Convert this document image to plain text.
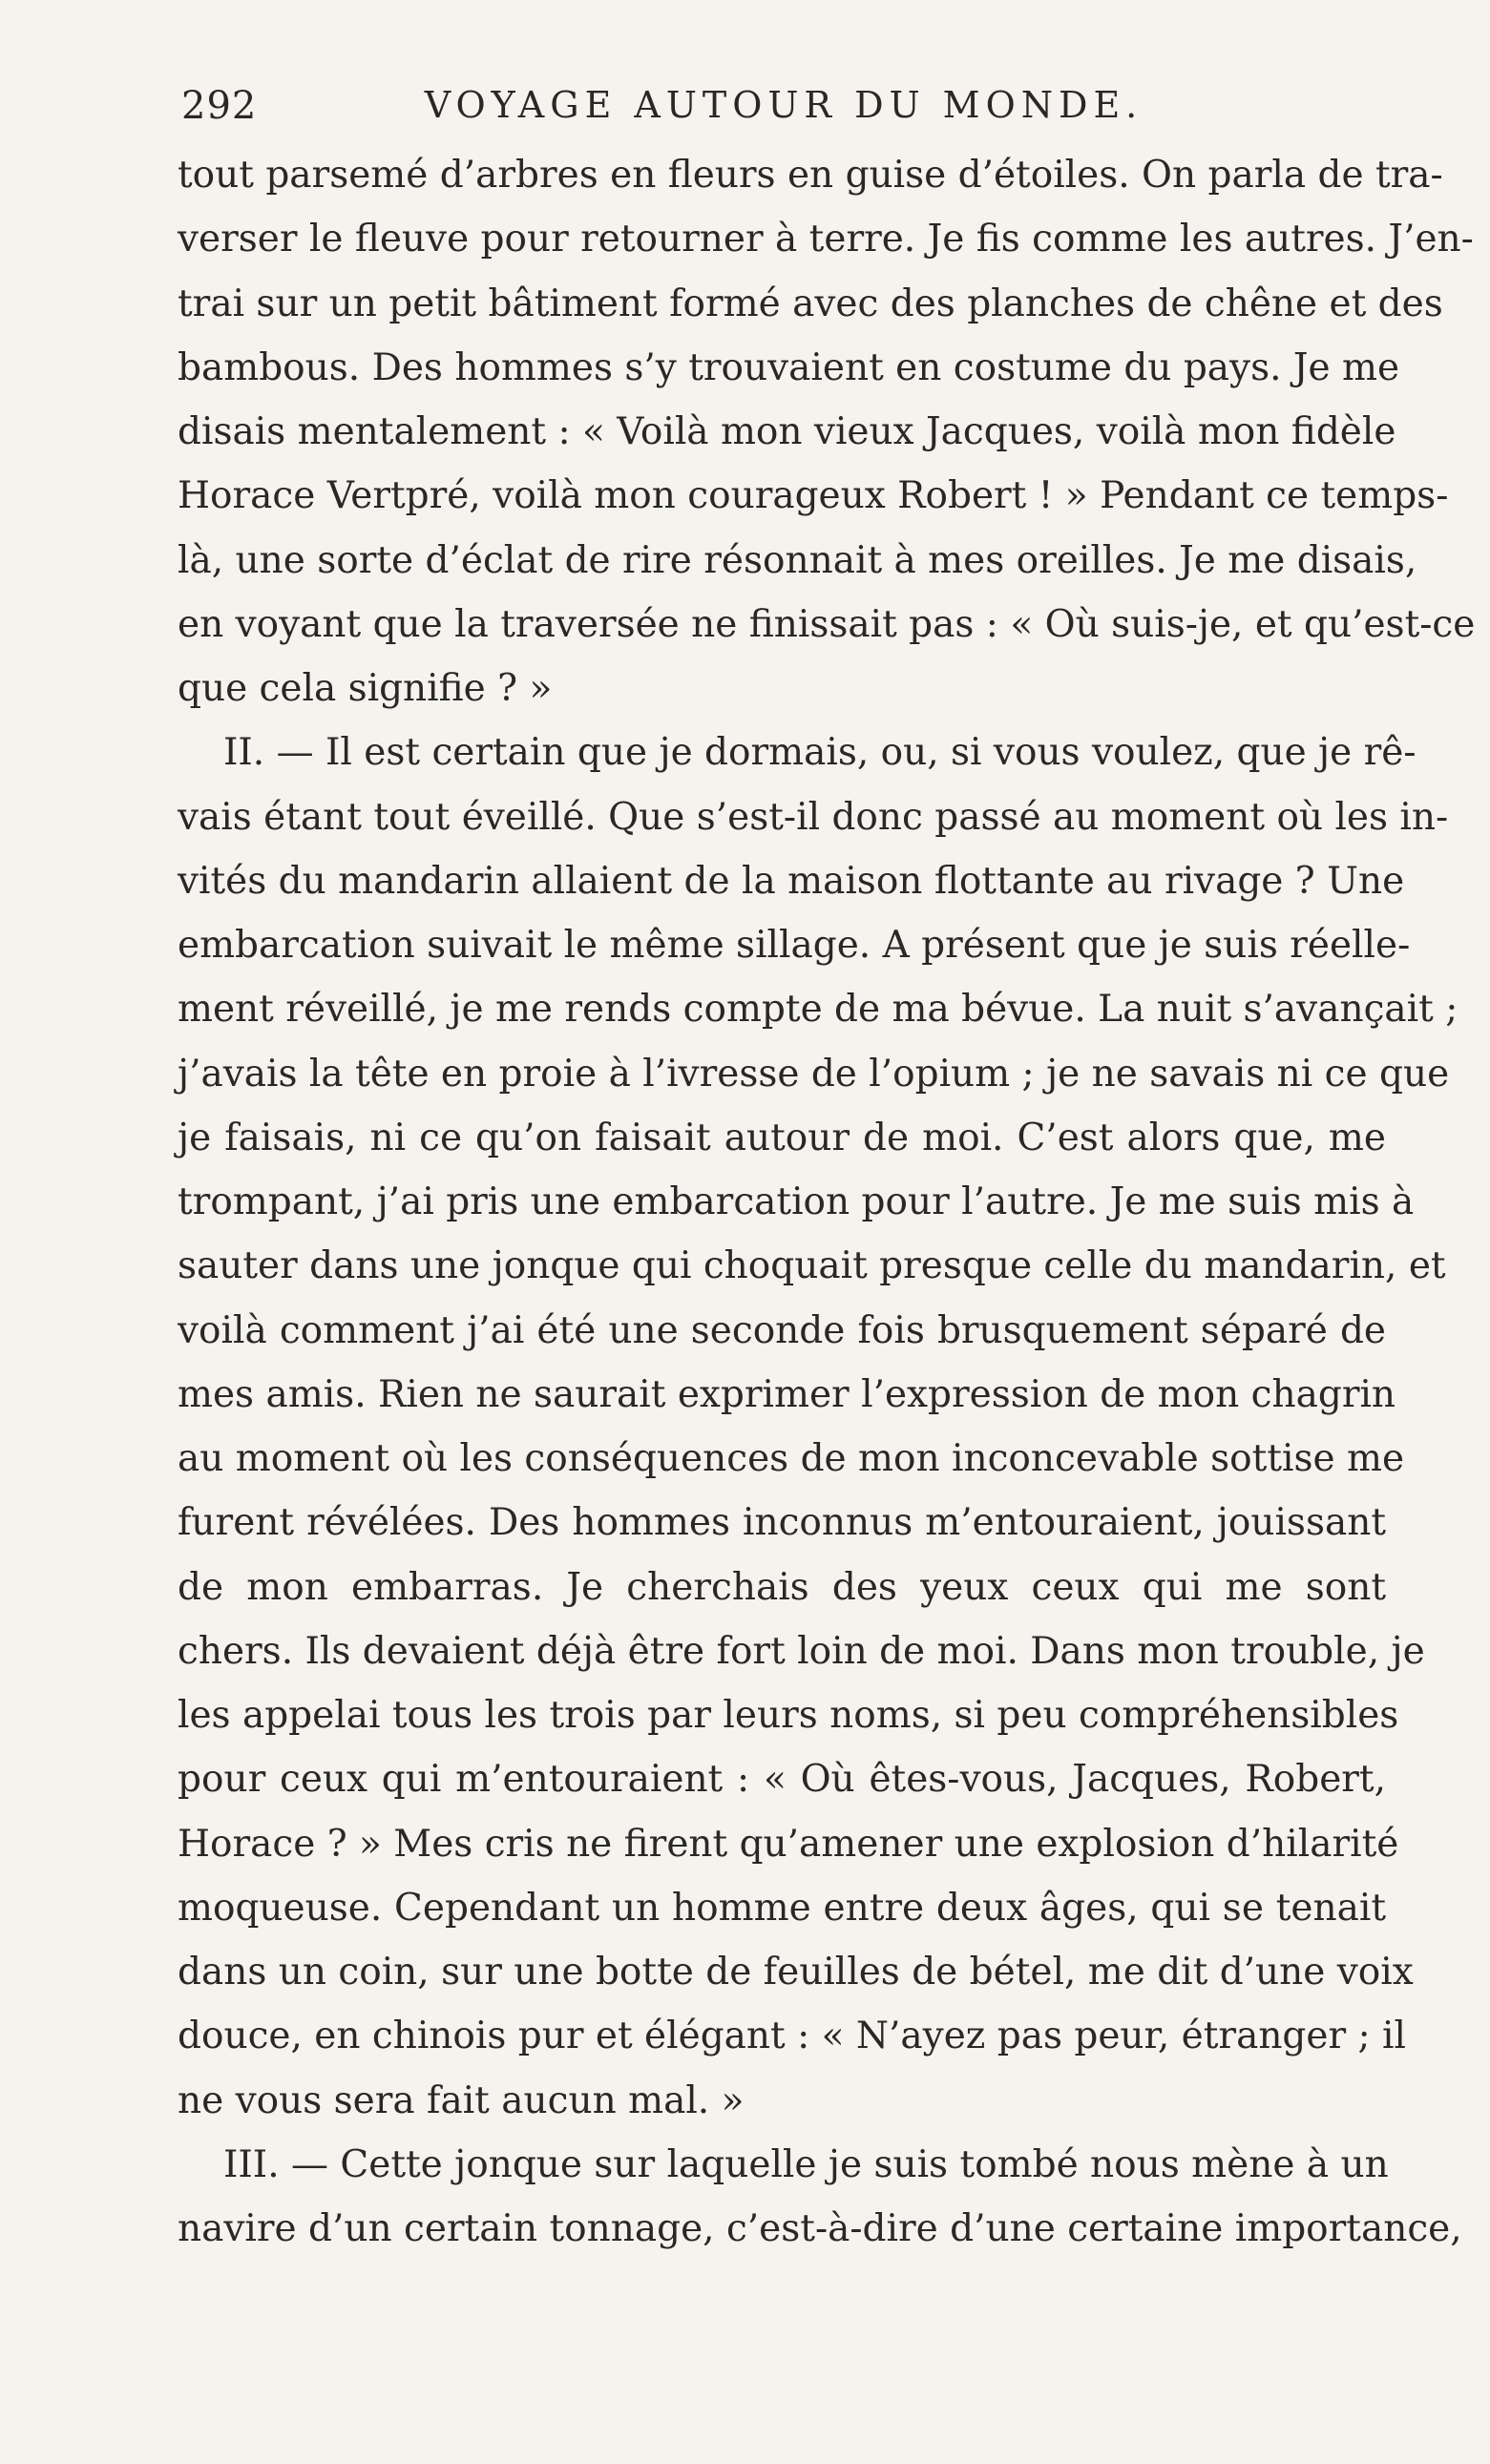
292	VOYAGE AUTOUR DU MONDE.
tout parsemé d’arbres en fleurs en guise d’étoiles. On parla de tra-
verser le fleuve pour retourner à terre. Je fis comme les autres. J’en-
trai sur un petit bâtiment formé avec des planches de chêne et des
bambous. Des hommes s’y trouvaient en costume du pays. Je me
disais mentalement : « Voilà mon vieux Jacques, voilà mon fidèle
Horace Vertpré, voilà mon courageux Robert ! » Pendant ce temps-
là, une sorte d’éclat de rire résonnait à mes oreilles. Je me disais,
en voyant que la traversée ne finissait pas : « Où suis-je, et qu’est-ce
que cela signifie ? »
II. — Il est certain que je dormais, ou, si vous voulez, que je rê-
vais étant tout éveillé. Que s’est-il donc passé au moment où les in-
vités du mandarin allaient de la maison flottante au rivage ? Une
embarcation suivait le même sillage. A présent que je suis réelle-
ment réveillé, je me rends compte de ma bévue. La nuit s’avançait ;
j’avais la tête en proie à l’ivresse de l’opium ; je ne savais ni ce que
je faisais, ni ce qu’on faisait autour de moi. C’est alors que, me
trompant, j’ai pris une embarcation pour l’autre. Je me suis mis à
sauter dans une jonque qui choquait presque celle du mandarin, et
voilà comment j’ai été une seconde fois brusquement séparé de
mes amis. Rien ne saurait exprimer l’expression de mon chagrin
au moment où les conséquences de mon inconcevable sottise me
furent révélées. Des hommes inconnus m’entouraient, jouissant
de mon embarras. Je cherchais des yeux ceux qui me sont
chers. Ils devaient déjà être fort loin de moi. Dans mon trouble, je
les appelai tous les trois par leurs noms, si peu compréhensibles
pour ceux qui m’entouraient : « Où êtes-vous, Jacques, Robert,
Horace ? » Mes cris ne firent qu’amener une explosion d’hilarité
moqueuse. Cependant un homme entre deux âges, qui se tenait
dans un coin, sur une botte de feuilles de bétel, me dit d’une voix
douce, en chinois pur et élégant : « N’ayez pas peur, étranger ; il
ne vous sera fait aucun mal. »
III. — Cette jonque sur laquelle je suis tombé nous mène à un
navire d’un certain tonnage, c’est-à-dire d’une certaine importance,
